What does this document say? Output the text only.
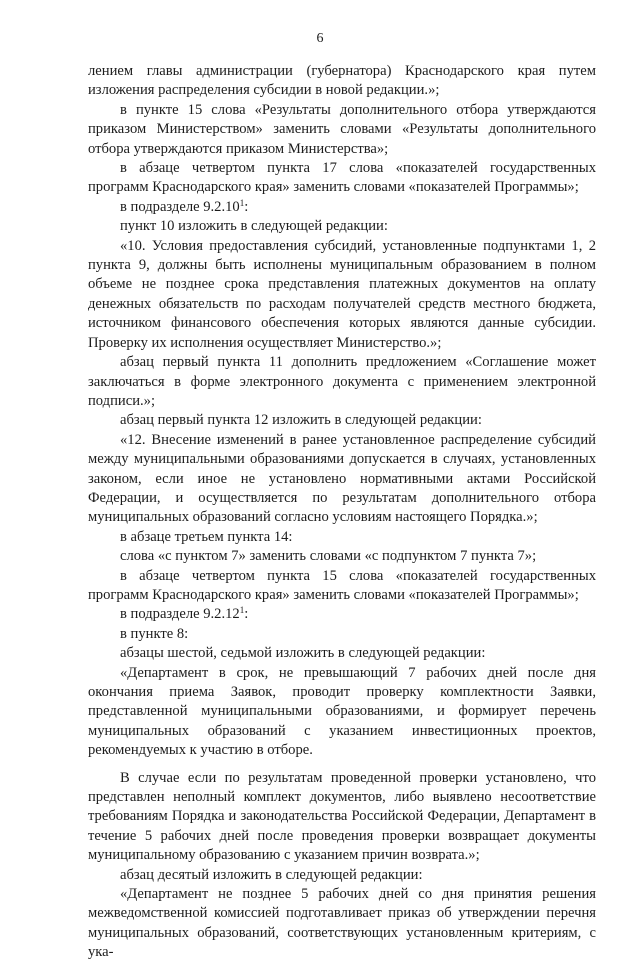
6

лением главы администрации (губернатора) Краснодарского края путем изложения распределения субсидии в новой редакции.»;

в пункте 15 слова «Результаты дополнительного отбора утверждаются приказом Министерством» заменить словами «Результаты дополнительного отбора утверждаются приказом Министерства»;

в абзаце четвертом пункта 17 слова «показателей государственных программ Краснодарского края» заменить словами «показателей Программы»;

в подразделе 9.2.10$^1$:

пункт 10 изложить в следующей редакции:

«10. Условия предоставления субсидий, установленные подпунктами 1, 2 пункта 9, должны быть исполнены муниципальным образованием в полном объеме не позднее срока представления платежных документов на оплату денежных обязательств по расходам получателей средств местного бюджета, источником финансового обеспечения которых являются данные субсидии. Проверку их исполнения осуществляет Министерство.»;

абзац первый пункта 11 дополнить предложением «Соглашение может заключаться в форме электронного документа с применением электронной подписи.»;

абзац первый пункта 12 изложить в следующей редакции:

«12. Внесение изменений в ранее установленное распределение субсидий между муниципальными образованиями допускается в случаях, установленных законом, если иное не установлено нормативными актами Российской Федерации, и осуществляется по результатам дополнительного отбора муниципальных образований согласно условиям настоящего Порядка.»;

в абзаце третьем пункта 14:

слова «с пунктом 7» заменить словами «с подпунктом 7 пункта 7»;

в абзаце четвертом пункта 15 слова «показателей государственных программ Краснодарского края» заменить словами «показателей Программы»;

в подразделе 9.2.12$^1$:

в пункте 8:

абзацы шестой, седьмой изложить в следующей редакции:

«Департамент в срок, не превышающий 7 рабочих дней после дня окончания приема Заявок, проводит проверку комплектности Заявки, представленной муниципальными образованиями, и формирует перечень муниципальных образований с указанием инвестиционных проектов, рекомендуемых к участию в отборе.

В случае если по результатам проведенной проверки установлено, что представлен неполный комплект документов, либо выявлено несоответствие требованиям Порядка и законодательства Российской Федерации, Департамент в течение 5 рабочих дней после проведения проверки возвращает документы муниципальному образованию с указанием причин возврата.»;

абзац десятый изложить в следующей редакции:

«Департамент не позднее 5 рабочих дней со дня принятия решения межведомственной комиссией подготавливает приказ об утверждении перечня муниципальных образований, соответствующих установленным критериям, с ука-
